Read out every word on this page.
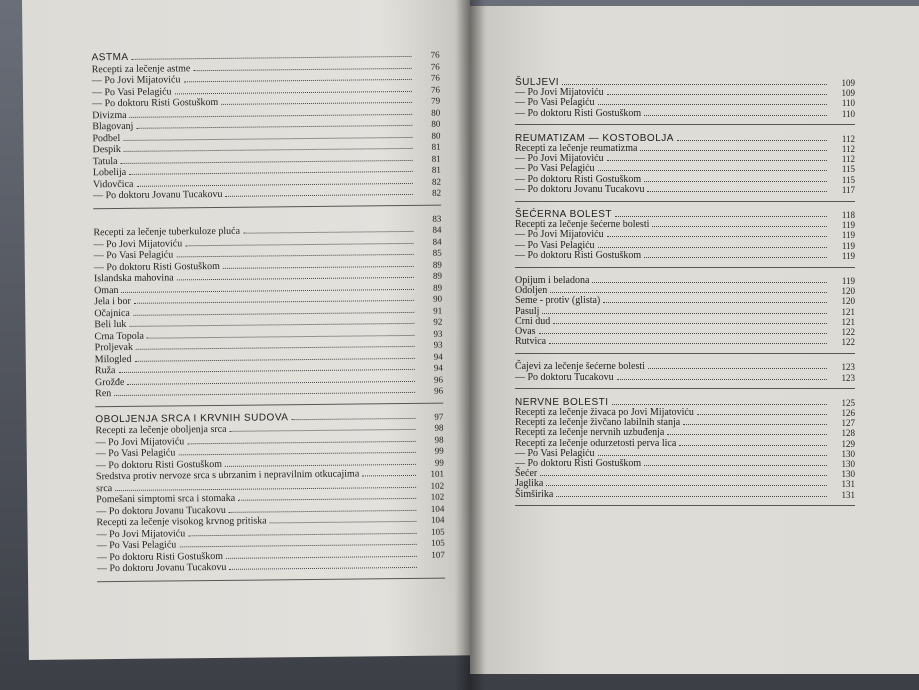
ASTMA	76
Recepti za lečenje astme	76
— Po Jovi Mijatoviću	76
— Po Vasi Pelagiću	76
— Po doktoru Risti Gostuškom	79
Divizma	80
Blagovanj	80
Podbel	80
Despik	81
Tatula	81
Lobelija	81
Vidovčica	82
— Po doktoru Jovanu Tucakovu	82
83
Recepti za lečenje tuberkuloze pluća	84
— Po Jovi Mijatoviću	84
— Po Vasi Pelagiću	85
— Po doktoru Risti Gostuškom	89
Islandska mahovina	89
Oman	89
Jela i bor	90
Očajnica	91
Beli luk	92
Crna Topola	93
Proljevak	93
Milogled	94
Ruža	94
Grožđe	96
Ren	96
OBOLJENJA SRCA I KRVNIH SUDOVA	97
Recepti za lečenje oboljenja srca	98
— Po Jovi Mijatoviću	98
— Po Vasi Pelagiću	99
— Po doktoru Risti Gostuškom	99
Sredstva protiv nervoze srca s ubrzanim i nepravilnim otkucajima	101
srca	102
Pomešani simptomi srca i stomaka	102
— Po doktoru Jovanu Tucakovu	104
Recepti za lečenje visokog krvnog pritiska	104
— Po Jovi Mijatoviću	105
— Po Vasi Pelagiću	105
— Po doktoru Risti Gostuškom	107
— Po doktoru Jovanu Tucakovu
ŠULJEVI	109
— Po Jovi Mijatoviću	109
— Po Vasi Pelagiću	110
— Po doktoru Risti Gostuškom	110
REUMATIZAM — KOSTOBOLJA	112
Recepti za lečenje reumatizma	112
— Po Jovi Mijatoviću	112
— Po Vasi Pelagiću	115
— Po doktoru Risti Gostuškom	115
— Po doktoru Jovanu Tucakovu	117
ŠEĆERNA BOLEST	118
Recepti za lečenje šećerne bolesti	119
— Po Jovi Mijatoviću	119
— Po Vasi Pelagiću	119
— Po doktoru Risti Gostuškom	119
Opijum i beladona	119
Odoljen	120
Seme - protiv (glista)	120
Pasulj	121
Crni dud	121
Ovas	122
Rutvica	122
Čajevi za lečenje šećerne bolesti	123
— Po doktoru Tucakovu	123
NERVNE BOLESTI	125
Recepti za lečenje živaca po Jovi Mijatoviću	126
Recepti za lečenje živčano labilnih stanja	127
Recepti za lečenje nervnih uzbuđenja	128
Recepti za lečenje odurzetosti perva lica	129
— Po Vasi Pelagiću	130
— Po doktoru Risti Gostuškom	130
Šećer	130
Jaglika	131
Šimširika	131
